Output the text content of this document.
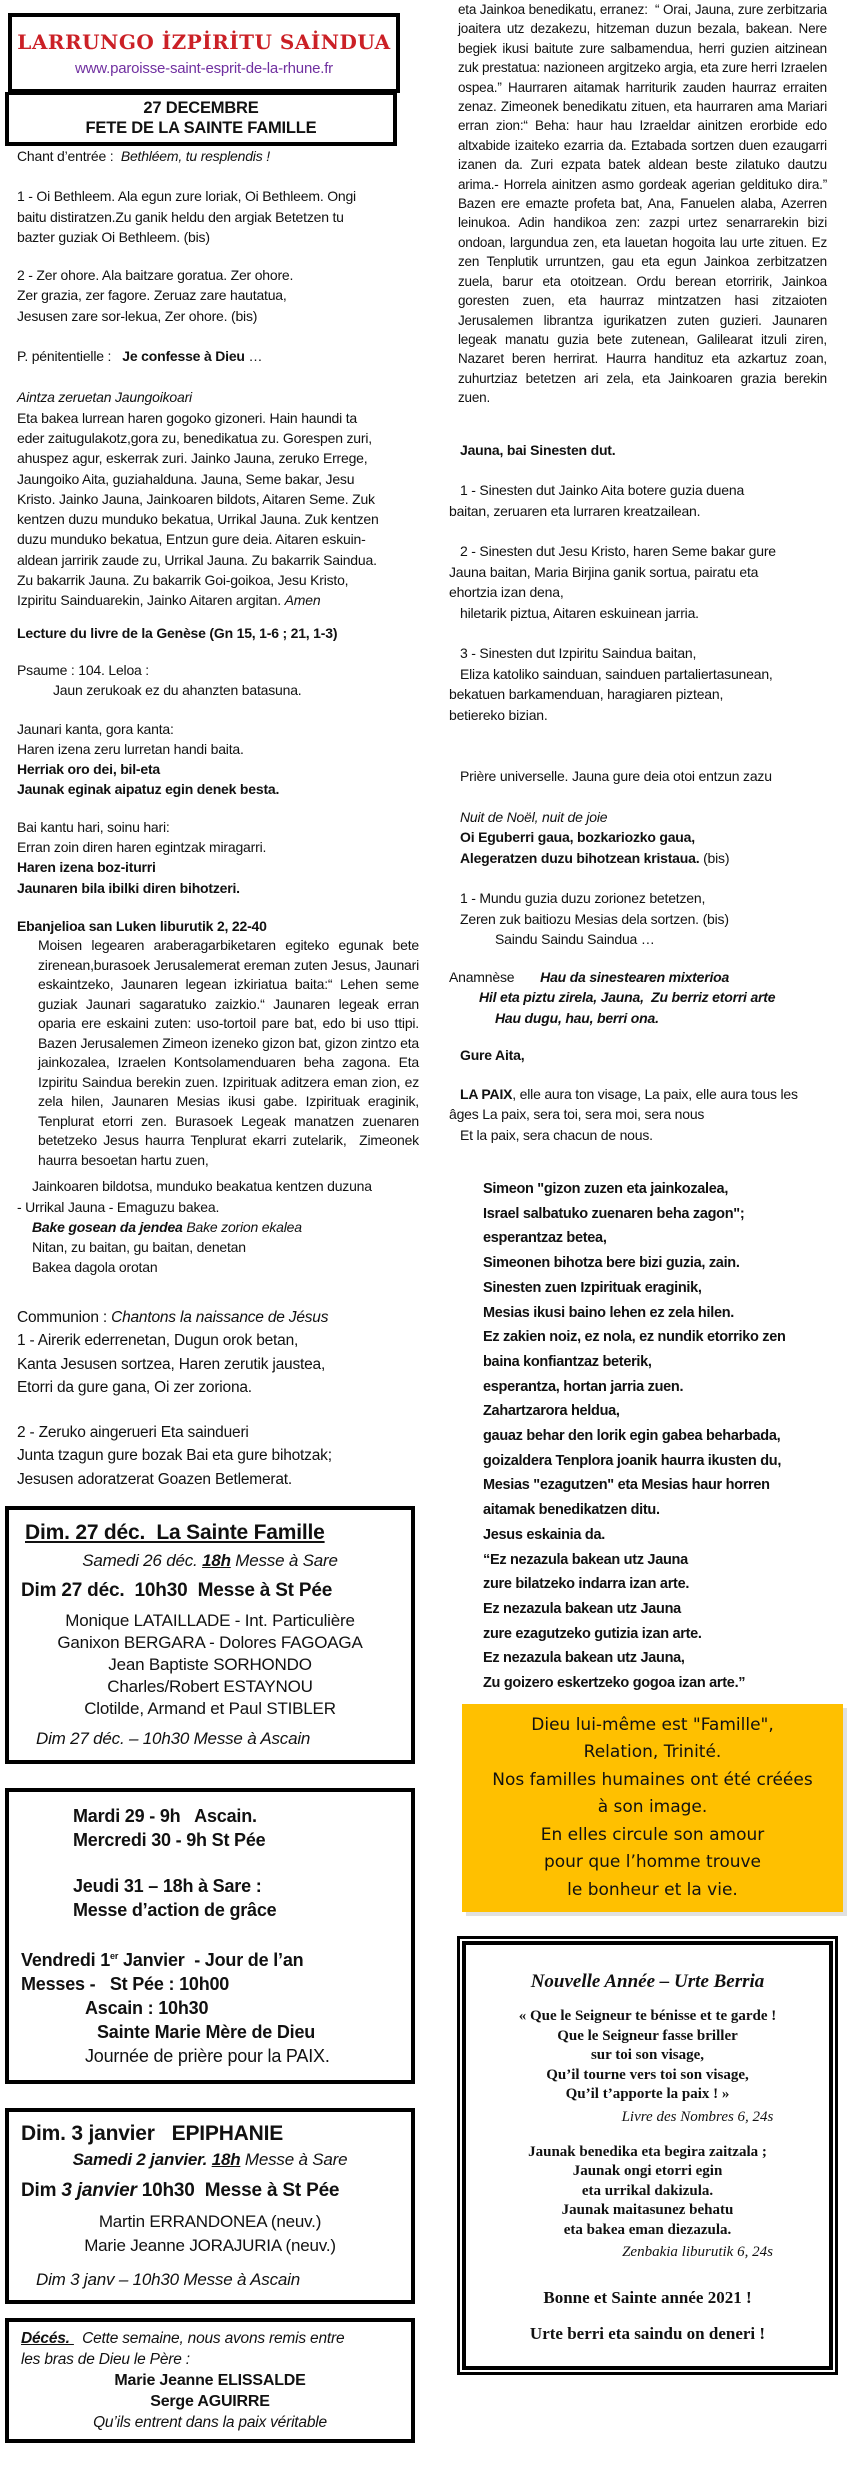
LARRUNGO İZPİRİTU SAİNDUA
www.paroisse-saint-esprit-de-la-rhune.fr
27 DECEMBRE
FETE DE LA SAINTE FAMILLE
Chant d’entrée :  Bethléem, tu resplendis !
1 - Oi Bethleem. Ala egun zure loriak, Oi Bethleem. Ongi
baitu distiratzen.Zu ganik heldu den argiak Betetzen tu
bazter guziak Oi Bethleem. (bis)
2 - Zer ohore. Ala baitzare goratua. Zer ohore.
Zer grazia, zer fagore. Zeruaz zare hautatua,
Jesusen zare sor-lekua, Zer ohore. (bis)
P. pénitentielle :   Je confesse à Dieu …
Aintza zeruetan Jaungoikoari
Eta bakea lurrean haren gogoko gizoneri. Hain haundi ta
eder zaitugulakotz,gora zu, benedikatua zu. Gorespen zuri,
ahuspez agur, eskerrak zuri. Jainko Jauna, zeruko Errege,
Jaungoiko Aita, guziahalduna. Jauna, Seme bakar, Jesu
Kristo. Jainko Jauna, Jainkoaren bildots, Aitaren Seme. Zuk
kentzen duzu munduko bekatua, Urrikal Jauna. Zuk kentzen
duzu munduko bekatua, Entzun gure deia. Aitaren eskuin-
aldean jarririk zaude zu, Urrikal Jauna. Zu bakarrik Saindua.
Zu bakarrik Jauna. Zu bakarrik Goi-goikoa, Jesu Kristo,
Izpiritu Sainduarekin, Jainko Aitaren argitan. Amen
Lecture du livre de la Genèse (Gn 15, 1-6 ; 21, 1-3)
Psaume : 104. Leloa :
Jaun zerukoak ez du ahanzten batasuna.
Jaunari kanta, gora kanta:
Haren izena zeru lurretan handi baita.
Herriak oro dei, bil-eta
Jaunak eginak aipatuz egin denek besta.
Bai kantu hari, soinu hari:
Erran zoin diren haren egintzak miragarri.
Haren izena boz-iturri
Jaunaren bila ibilki diren bihotzeri.
Ebanjelioa san Luken liburutik 2, 22-40
Moisen legearen araberagarbiketaren egiteko egunak bete zirenean,burasoek Jerusalemerat ereman zuten Jesus, Jaunari eskaintzeko, Jaunaren legean izkiriatua baita:“ Lehen seme guziak Jaunari sagaratuko zaizkio.“ Jaunaren legeak erran oparia ere eskaini zuten: uso-tortoil pare bat, edo bi uso ttipi. Bazen Jerusalemen Zimeon izeneko gizon bat, gizon zintzo eta jainkozalea, Izraelen Kontsolamenduaren beha zagona. Eta Izpiritu Saindua berekin zuen. Izpirituak aditzera eman zion, ez zela hilen, Jaunaren Mesias ikusi gabe. Izpirituak eraginik, Tenplurat etorri zen. Burasoek Legeak manatzen zuenaren betetzeko Jesus haurra Tenplurat ekarri zutelarik,  Zimeonek haurra besoetan hartu zuen,
Jainkoaren bildotsa, munduko beakatua kentzen duzuna
- Urrikal Jauna - Emaguzu bakea.
Bake gosean da jendea Bake zorion ekalea
Nitan, zu baitan, gu baitan, denetan
Bakea dagola orotan
Communion : Chantons la naissance de Jésus
1 - Airerik ederrenetan, Dugun orok betan,
Kanta Jesusen sortzea, Haren zerutik jaustea,
Etorri da gure gana, Oi zer zoriona.
2 - Zeruko aingerueri Eta saindueri
Junta tzagun gure bozak Bai eta gure bihotzak;
Jesusen adoratzerat Goazen Betlemerat.
Dim. 27 déc.  La Sainte Famille
Samedi 26 déc. 18h Messe à Sare
Dim 27 déc.  10h30  Messe à St Pée
Monique LATAILLADE - Int. Particulière
Ganixon BERGARA - Dolores FAGOAGA
Jean Baptiste SORHONDO
Charles/Robert ESTAYNOU
Clotilde, Armand et Paul STIBLER
Dim 27 déc. – 10h30 Messe à Ascain
Mardi 29 - 9h   Ascain.
Mercredi 30 - 9h St Pée
Jeudi 31 – 18h à Sare :
Messe d’action de grâce
Vendredi 1er Janvier  - Jour de l’an
Messes -   St Pée : 10h00
Ascain : 10h30
Sainte Marie Mère de Dieu
Journée de prière pour la PAIX.
Dim. 3 janvier   EPIPHANIE
Samedi 2 janvier. 18h Messe à Sare
Dim 3 janvier 10h30  Messe à St Pée
Martin ERRANDONEA (neuv.)
Marie Jeanne JORAJURIA (neuv.)
Dim 3 janv – 10h30 Messe à Ascain
Décés.   Cette semaine, nous avons remis entre
les bras de Dieu le Père :
Marie Jeanne ELISSALDE
Serge AGUIRRE
Qu’ils entrent dans la paix véritable
eta Jainkoa benedikatu, erranez:  “ Orai, Jauna, zure zerbitzaria joaitera utz dezakezu, hitzeman duzun bezala, bakean. Nere begiek ikusi baitute zure salbamendua, herri guzien aitzinean zuk prestatua: nazioneen argitzeko argia, eta zure herri Izraelen ospea.” Haurraren aitamak harriturik zauden haurraz erraiten zenaz. Zimeonek benedikatu zituen, eta haurraren ama Mariari erran zion:“ Beha: haur hau Izraeldar ainitzen erorbide edo altxabide izaiteko ezarria da. Eztabada sortzen duen ezaugarri izanen da. Zuri ezpata batek aldean beste zilatuko dautzu arima.- Horrela ainitzen asmo gordeak agerian geldituko dira.” Bazen ere emazte profeta bat, Ana, Fanuelen alaba, Azerren leinukoa. Adin handikoa zen: zazpi urtez senarrarekin bizi ondoan, largundua zen, eta lauetan hogoita lau urte zituen. Ez zen Tenplutik urruntzen, gau eta egun Jainkoa zerbitzatzen zuela, barur eta otoitzean. Ordu berean etorririk, Jainkoa goresten zuen, eta haurraz mintzatzen hasi zitzaioten Jerusalemen librantza igurikatzen zuten guzieri. Jaunaren legeak manatu guzia bete zutenean, Galilearat itzuli ziren, Nazaret beren herrirat. Haurra handituz eta azkartuz zoan, zuhurtziaz betetzen ari zela, eta Jainkoaren grazia berekin zuen.
Jauna, bai Sinesten dut.
1 - Sinesten dut Jainko Aita botere guzia duena
baitan, zeruaren eta lurraren kreatzailean.
2 - Sinesten dut Jesu Kristo, haren Seme bakar gure
Jauna baitan, Maria Birjina ganik sortua, pairatu eta
ehortzia izan dena,
hiletarik piztua, Aitaren eskuinean jarria.
3 - Sinesten dut Izpiritu Saindua baitan,
Eliza katoliko sainduan, sainduen partaliertasunean,
bekatuen barkamenduan, haragiaren piztean,
betiereko bizian.
Prière universelle. Jauna gure deia otoi entzun zazu
Nuit de Noël, nuit de joie
Oi Eguberri gaua, bozkariozko gaua,
Alegeratzen duzu bihotzean kristaua. (bis)
1 - Mundu guzia duzu zorionez betetzen,
Zeren zuk baitiozu Mesias dela sortzen. (bis)
Saindu Saindu Saindua …
Anamnèse       Hau da sinestearen mixterioa
Hil eta piztu zirela, Jauna,  Zu berriz etorri arte
Hau dugu, hau, berri ona.
Gure Aita,
LA PAIX, elle aura ton visage, La paix, elle aura tous les
âges La paix, sera toi, sera moi, sera nous
Et la paix, sera chacun de nous.
Simeon "gizon zuzen eta jainkozalea,
Israel salbatuko zuenaren beha zagon";
esperantzaz betea,
Simeonen bihotza bere bizi guzia, zain.
Sinesten zuen Izpirituak eraginik,
Mesias ikusi baino lehen ez zela hilen.
Ez zakien noiz, ez nola, ez nundik etorriko zen
baina konfiantzaz beterik,
esperantza, hortan jarria zuen.
Zahartzarora heldua,
gauaz behar den lorik egin gabea beharbada,
goizaldera Tenplora joanik haurra ikusten du,
Mesias "ezagutzen" eta Mesias haur horren
aitamak benedikatzen ditu.
Jesus eskainia da.
“Ez nezazula bakean utz Jauna
zure bilatzeko indarra izan arte.
Ez nezazula bakean utz Jauna
zure ezagutzeko gutizia izan arte.
Ez nezazula bakean utz Jauna,
Zu goizero eskertzeko gogoa izan arte.”
Dieu lui-même est "Famille",
Relation, Trinité.
Nos familles humaines ont été créées
à son image.
En elles circule son amour
pour que l’homme trouve
le bonheur et la vie.
Nouvelle Année – Urte Berria
« Que le Seigneur te bénisse et te garde !
Que le Seigneur fasse briller
sur toi son visage,
Qu’il tourne vers toi son visage,
Qu’il t’apporte la paix ! »
Livre des Nombres 6, 24s
Jaunak benedika eta begira zaitzala ;
Jaunak ongi etorri egin
eta urrikal dakizula.
Jaunak maitasunez behatu
eta bakea eman diezazula.
Zenbakia liburutik 6, 24s
Bonne et Sainte année 2021 !
Urte berri eta saindu on deneri !
